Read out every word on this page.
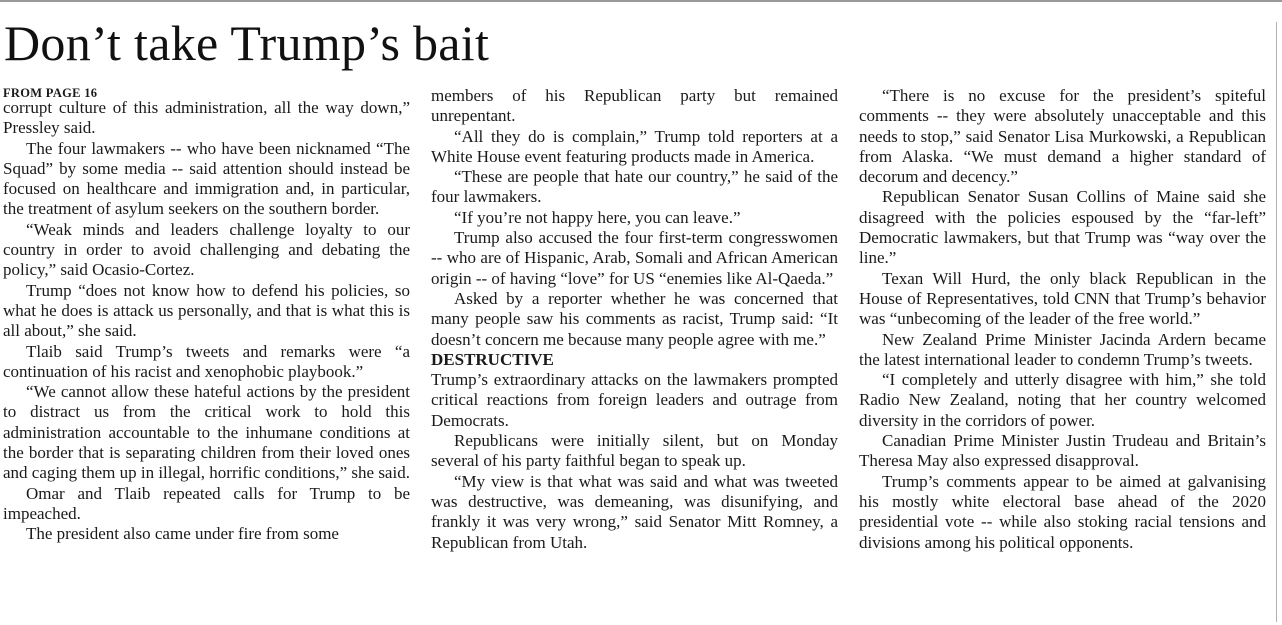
Don’t take Trump’s bait
FROM PAGE 16

corrupt culture of this administration, all the way down,” Pressley said.

The four lawmakers -- who have been nicknamed “The Squad” by some media -- said attention should instead be focused on healthcare and immigration and, in particular, the treatment of asylum seekers on the southern border.

“Weak minds and leaders challenge loyalty to our country in order to avoid challenging and debating the policy,” said Ocasio-Cortez.

Trump “does not know how to defend his policies, so what he does is attack us personally, and that is what this is all about,” she said.

Tlaib said Trump’s tweets and remarks were “a continuation of his racist and xenophobic playbook.”

“We cannot allow these hateful actions by the president to distract us from the critical work to hold this administration accountable to the inhumane conditions at the border that is separating children from their loved ones and caging them up in illegal, horrific conditions,” she said.

Omar and Tlaib repeated calls for Trump to be impeached.

The president also came under fire from some

members of his Republican party but remained unrepentant.

“All they do is complain,” Trump told reporters at a White House event featuring products made in America.

“These are people that hate our country,” he said of the four lawmakers.

“If you’re not happy here, you can leave.”

Trump also accused the four first-term congresswomen -- who are of Hispanic, Arab, Somali and African American origin -- of having “love” for US “enemies like Al-Qaeda.”

Asked by a reporter whether he was concerned that many people saw his comments as racist, Trump said: “It doesn’t concern me because many people agree with me.”

DESTRUCTIVE

Trump’s extraordinary attacks on the lawmakers prompted critical reactions from foreign leaders and outrage from Democrats.

Republicans were initially silent, but on Monday several of his party faithful began to speak up.

“My view is that what was said and what was tweeted was destructive, was demeaning, was disunifying, and frankly it was very wrong,” said Senator Mitt Romney, a Republican from Utah.

“There is no excuse for the president’s spiteful comments -- they were absolutely unacceptable and this needs to stop,” said Senator Lisa Murkowski, a Republican from Alaska. “We must demand a higher standard of decorum and decency.”

Republican Senator Susan Collins of Maine said she disagreed with the policies espoused by the “far-left” Democratic lawmakers, but that Trump was “way over the line.”

Texan Will Hurd, the only black Republican in the House of Representatives, told CNN that Trump’s behavior was “unbecoming of the leader of the free world.”

New Zealand Prime Minister Jacinda Ardern became the latest international leader to condemn Trump’s tweets.

“I completely and utterly disagree with him,” she told Radio New Zealand, noting that her country welcomed diversity in the corridors of power.

Canadian Prime Minister Justin Trudeau and Britain’s Theresa May also expressed disapproval.

Trump’s comments appear to be aimed at galvanising his mostly white electoral base ahead of the 2020 presidential vote -- while also stoking racial tensions and divisions among his political opponents.
